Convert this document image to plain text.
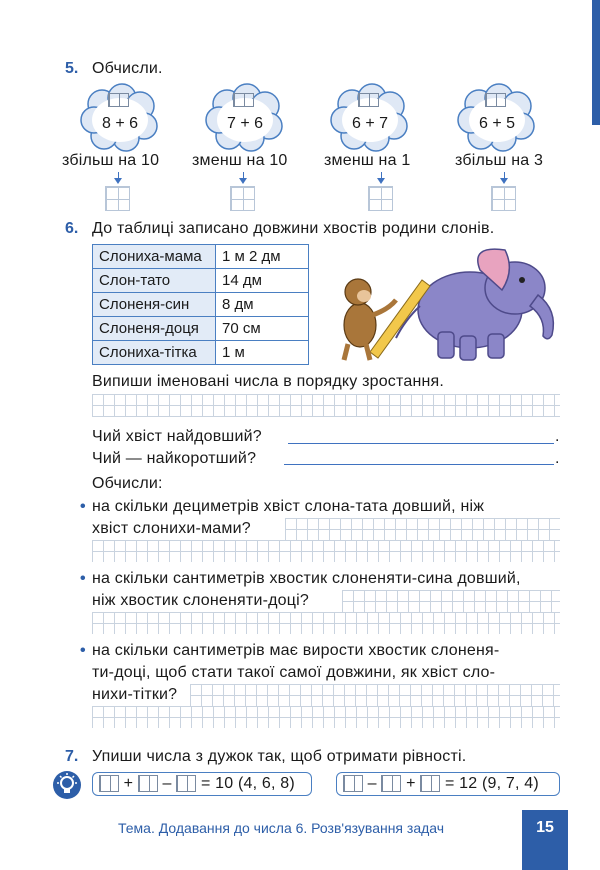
5. Обчисли.
8 + 6	7 + 6	6 + 7	6 + 5
збільш на 10 зменш на 10 зменш на 1	збільш на 3
6. До таблиці записано довжини хвостів родини слонів.
Слониха-мама	1 м 2 дм
Слон-тато	14 дм
Слоненя-син	8 дм
Слоненя-доця	70 см
Слониха-тітка	1 м
Випиши іменовані числа в порядку зростання.
Чий хвіст найдовший?	.
Чий — найкоротший?	.
Обчисли:
• на скільки дециметрів хвіст слона-тата довший, ніж
хвіст слонихи-мами?
• на скільки сантиметрів хвостик слоненяти-сина довший,
ніж хвостик слоненяти-доці?
• на скільки сантиметрів має вирости хвостик слоненя-
ти-доці, щоб стати такої самої довжини, як хвіст сло-
нихи-тітки?
7. Упиши числа з дужок так, щоб отримати рівності.
+ – = 10 (4, 6, 8)	– + = 12 (9, 7, 4)
Тема. Додавання до числа 6. Розв'язування задач	15
